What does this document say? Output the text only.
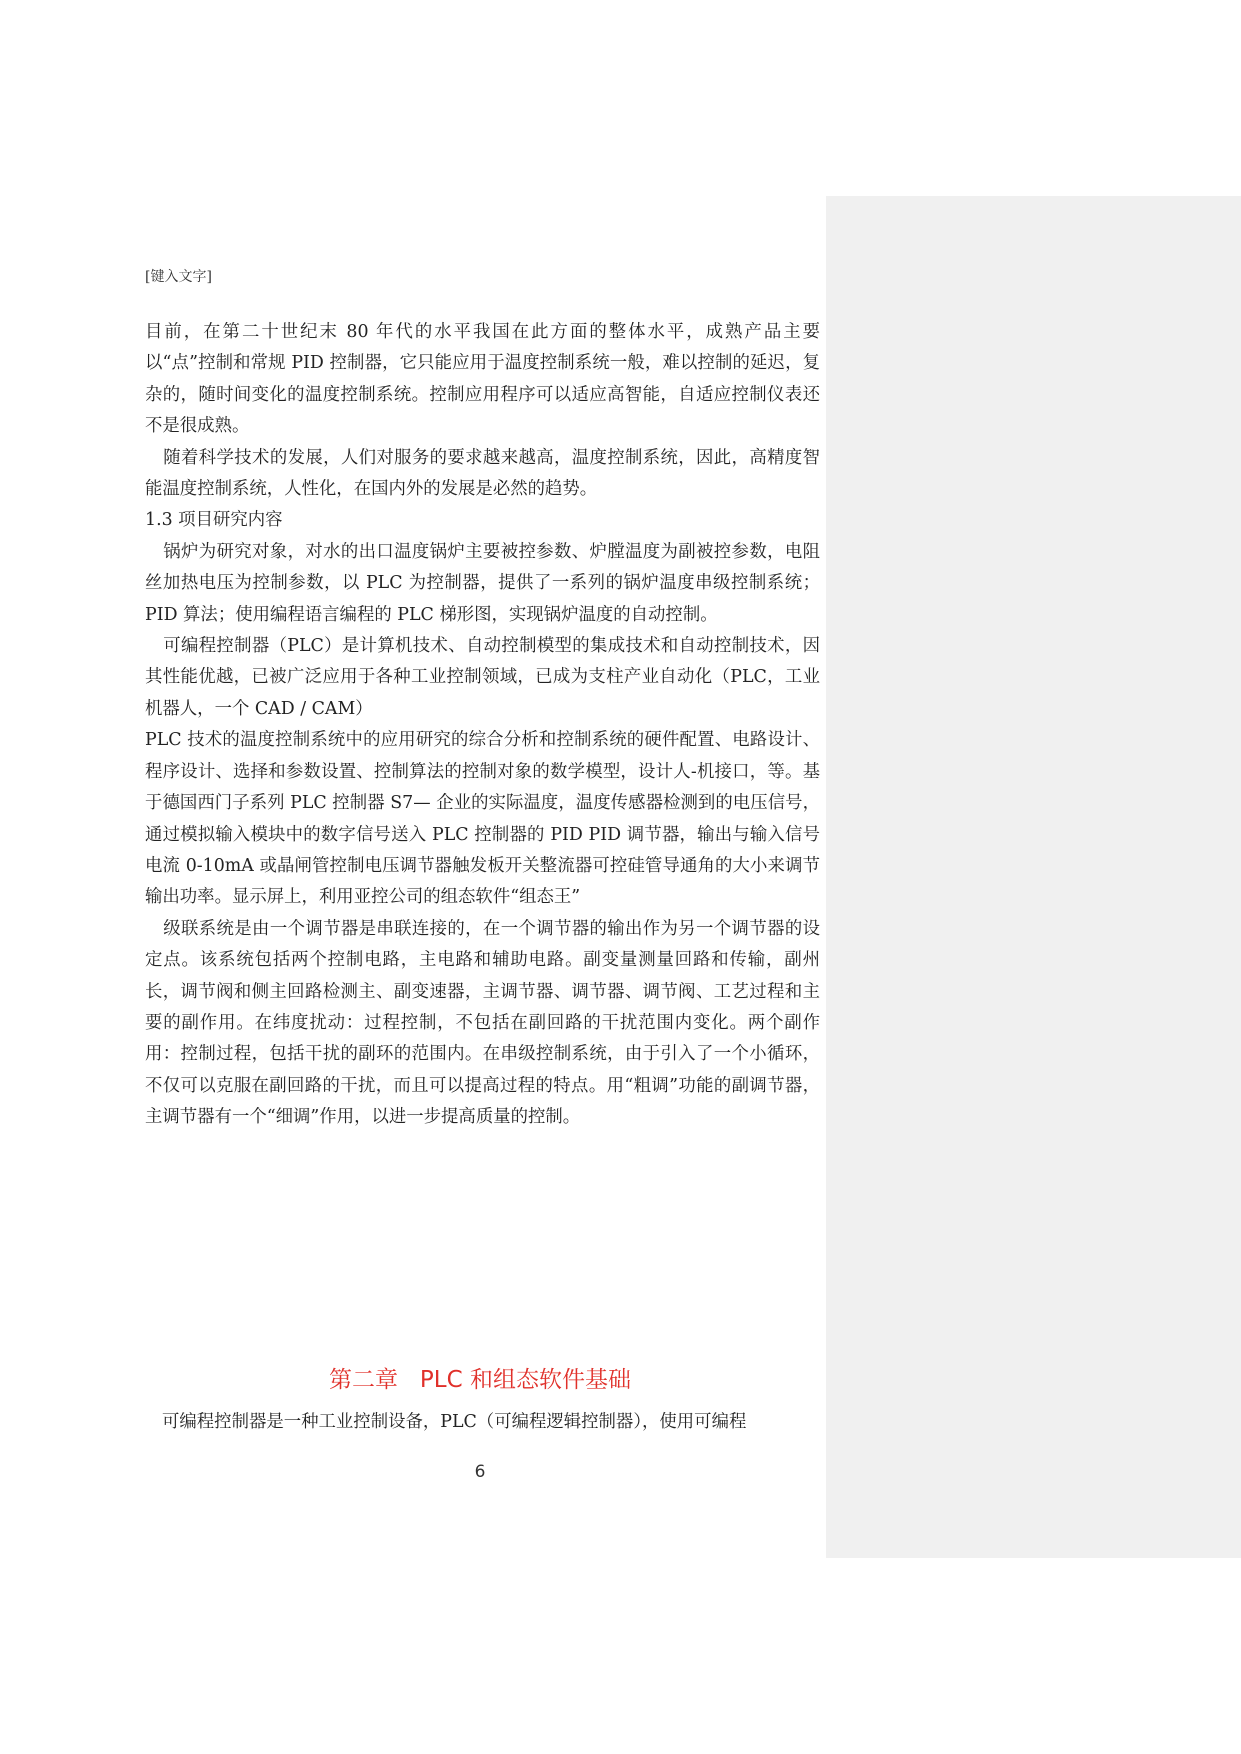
[键入文字]

目前，在第二十世纪末 80 年代的水平我国在此方面的整体水平，成熟产品主要以“点”控制和常规 PID 控制器，它只能应用于温度控制系统一般，难以控制的延迟，复杂的，随时间变化的温度控制系统。控制应用程序可以适应高智能，自适应控制仪表还不是很成熟。

随着科学技术的发展，人们对服务的要求越来越高，温度控制系统，因此，高精度智能温度控制系统，人性化，在国内外的发展是必然的趋势。

1.3 项目研究内容

锅炉为研究对象，对水的出口温度锅炉主要被控参数、炉膛温度为副被控参数，电阻丝加热电压为控制参数，以 PLC 为控制器，提供了一系列的锅炉温度串级控制系统；PID 算法；使用编程语言编程的 PLC 梯形图，实现锅炉温度的自动控制。

可编程控制器（PLC）是计算机技术、自动控制模型的集成技术和自动控制技术，因其性能优越，已被广泛应用于各种工业控制领域，已成为支柱产业自动化（PLC，工业机器人，一个 CAD / CAM）

PLC 技术的温度控制系统中的应用研究的综合分析和控制系统的硬件配置、电路设计、程序设计、选择和参数设置、控制算法的控制对象的数学模型，设计人-机接口，等。基于德国西门子系列 PLC 控制器 S7— 企业的实际温度，温度传感器检测到的电压信号，通过模拟输入模块中的数字信号送入 PLC 控制器的 PID PID 调节器，输出与输入信号电流 0-10mA 或晶闸管控制电压调节器触发板开关整流器可控硅管导通角的大小来调节输出功率。显示屏上，利用亚控公司的组态软件“组态王”

级联系统是由一个调节器是串联连接的，在一个调节器的输出作为另一个调节器的设定点。该系统包括两个控制电路，主电路和辅助电路。副变量测量回路和传输，副州长，调节阀和侧主回路检测主、副变速器，主调节器、调节器、调节阀、工艺过程和主要的副作用。在纬度扰动：过程控制，不包括在副回路的干扰范围内变化。两个副作用：控制过程，包括干扰的副环的范围内。在串级控制系统，由于引入了一个小循环，不仅可以克服在副回路的干扰，而且可以提高过程的特点。用“粗调”功能的副调节器，主调节器有一个“细调”作用，以进一步提高质量的控制。

第二章   PLC 和组态软件基础
可编程控制器是一种工业控制设备，PLC（可编程逻辑控制器），使用可编程
6
